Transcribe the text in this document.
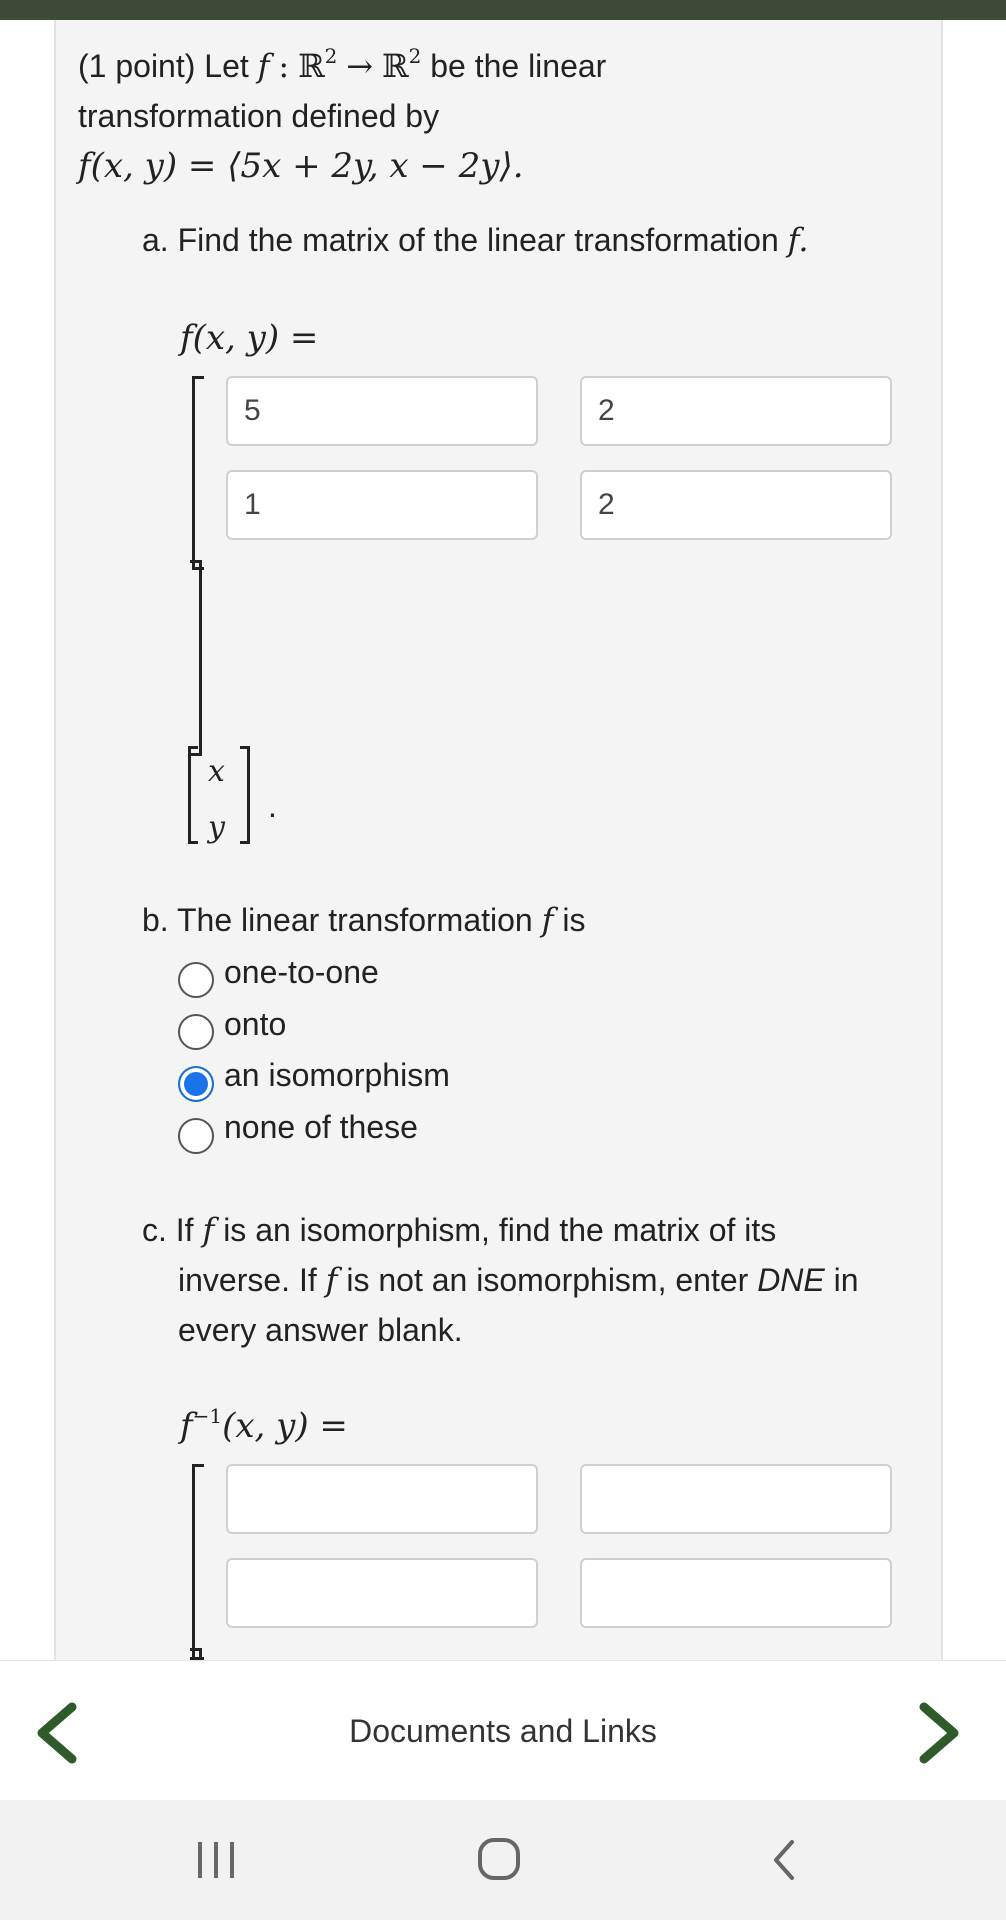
(1 point) Let f : ℝ$^2$ → ℝ$^2$ be the linear
transformation defined by
f(x, y) = ⟨5x + 2y, x − 2y⟩.
a. Find the matrix of the linear transformation f.
f(x, y) =
5	2
1	2
x
y
.
b. The linear transformation f is
one-to-one
onto
an isomorphism
none of these
c. If f is an isomorphism, find the matrix of its
inverse. If f is not an isomorphism, enter DNE in
every answer blank.
$f^{-1}(x$, y) =
Documents and Links
